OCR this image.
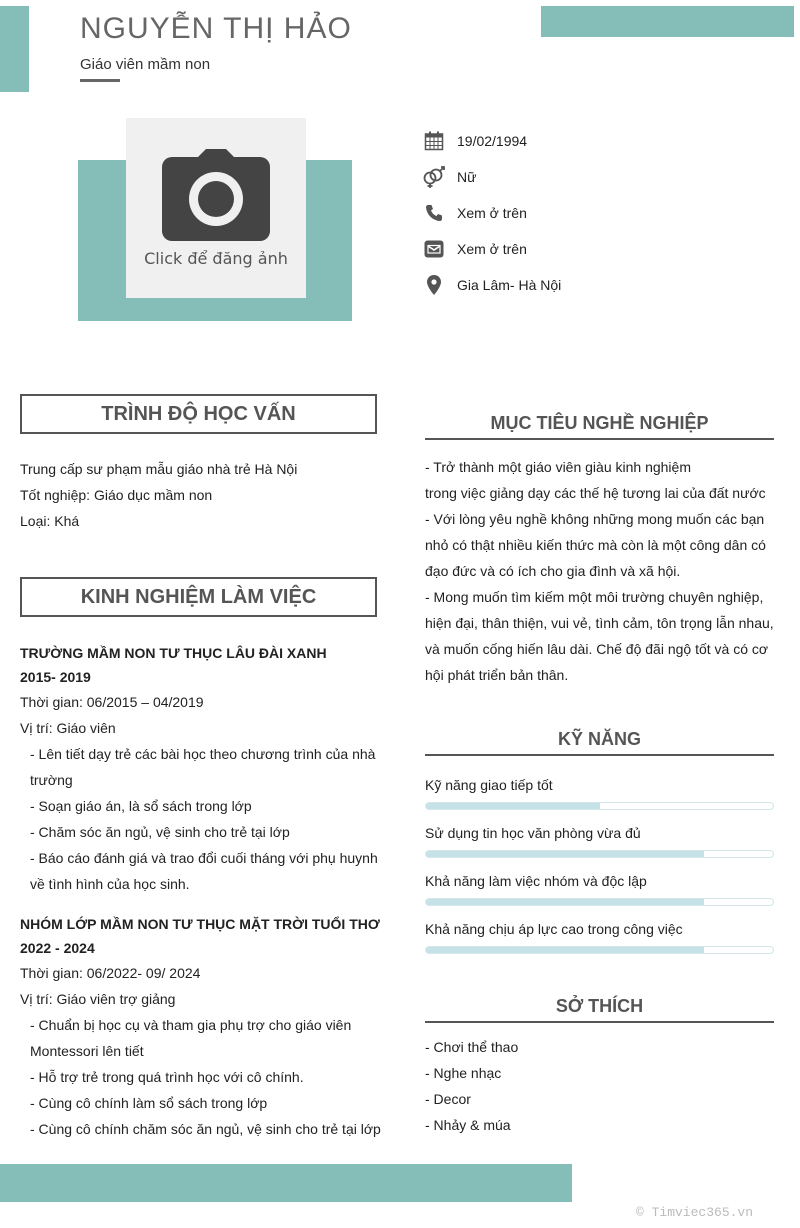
NGUYỄN THỊ HẢO
Giáo viên mầm non
Click để đăng ảnh
19/02/1994
Nữ
Xem ở trên
Xem ở trên
Gia Lâm- Hà Nội
TRÌNH ĐỘ HỌC VẤN
Trung cấp sư phạm mẫu giáo nhà trẻ Hà Nội
Tốt nghiệp: Giáo dục mầm non
Loại: Khá
KINH NGHIỆM LÀM VIỆC
TRƯỜNG MẦM NON TƯ THỤC LÂU ĐÀI XANH
2015- 2019
Thời gian: 06/2015 – 04/2019
Vị trí: Giáo viên
- Lên tiết dạy trẻ các bài học theo chương trình của nhà
trường
- Soạn giáo án, là sổ sách trong lớp
- Chăm sóc ăn ngủ, vệ sinh cho trẻ tại lớp
- Báo cáo đánh giá và trao đổi cuối tháng với phụ huynh
về tình hình của học sinh.
NHÓM LỚP MẦM NON TƯ THỤC MẶT TRỜI TUỔI THƠ
2022 - 2024
Thời gian: 06/2022- 09/ 2024
Vị trí: Giáo viên trợ giảng
- Chuẩn bị học cụ và tham gia phụ trợ cho giáo viên
Montessori lên tiết
- Hỗ trợ trẻ trong quá trình học với cô chính.
- Cùng cô chính làm sổ sách trong lớp
- Cùng cô chính chăm sóc ăn ngủ, vệ sinh cho trẻ tại lớp
MỤC TIÊU NGHỀ NGHIỆP
- Trở thành một giáo viên giàu kinh nghiệm
trong việc giảng dạy các thế hệ tương lai của đất nước
- Với lòng yêu nghề không những mong muốn các bạn
nhỏ có thật nhiều kiến thức mà còn là một công dân có
đạo đức và có ích cho gia đình và xã hội.
- Mong muốn tìm kiếm một môi trường chuyên nghiệp,
hiện đại, thân thiện, vui vẻ, tình cảm, tôn trọng lẫn nhau,
và muốn cống hiến lâu dài. Chế độ đãi ngộ tốt và có cơ
hội phát triển bản thân.
KỸ NĂNG
Kỹ năng giao tiếp tốt
Sử dụng tin học văn phòng vừa đủ
Khả năng làm việc nhóm và độc lập
Khả năng chịu áp lực cao trong công việc
SỞ THÍCH
- Chơi thể thao
- Nghe nhạc
- Decor
- Nhảy & múa
© Timviec365.vn
